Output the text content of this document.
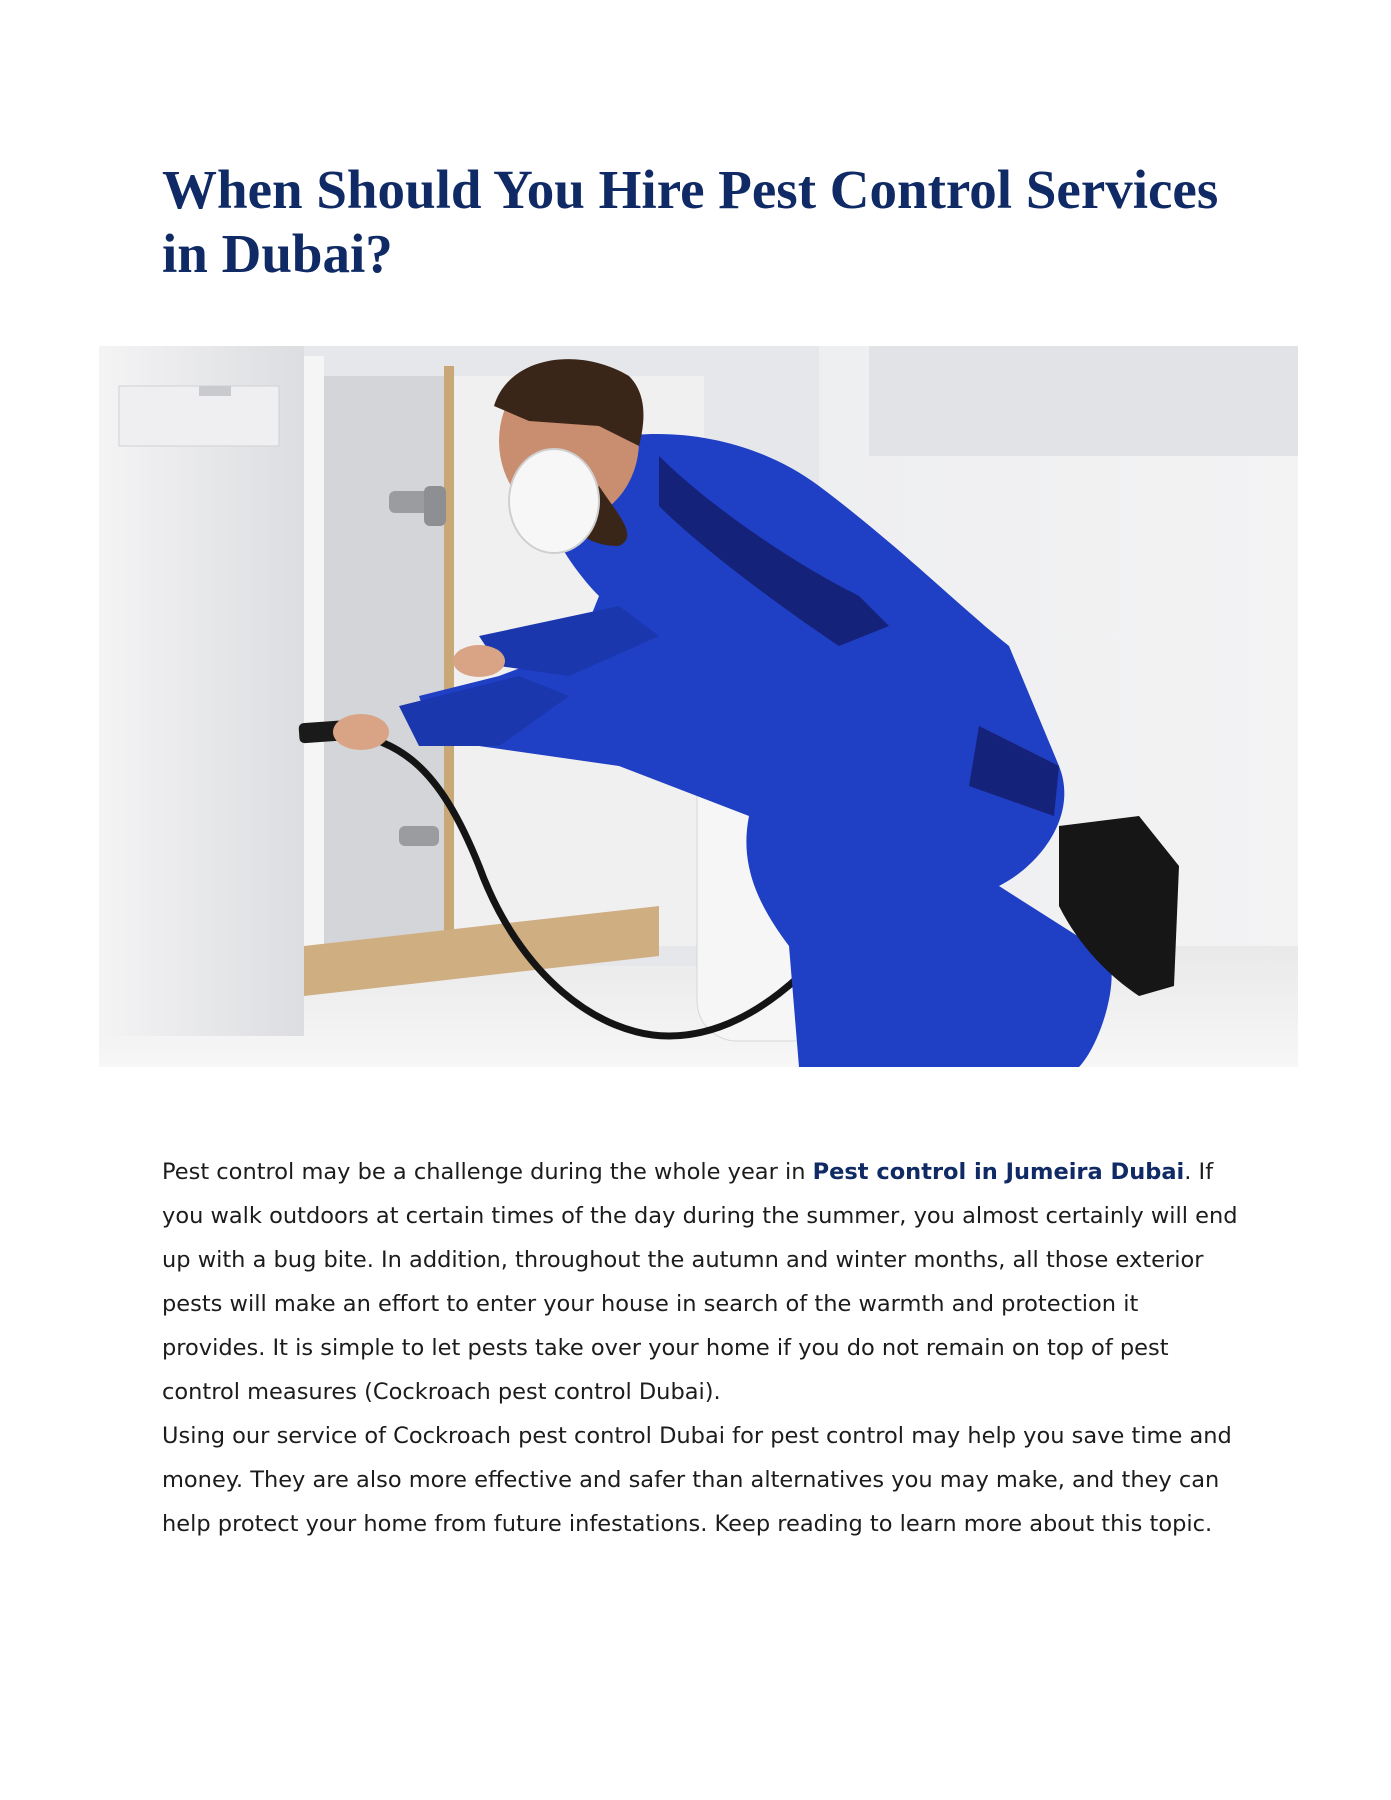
When Should You Hire Pest Control Services in Dubai?

Pest control may be a challenge during the whole year in Pest control in Jumeira Dubai. If you walk outdoors at certain times of the day during the summer, you almost certainly will end up with a bug bite. In addition, throughout the autumn and winter months, all those exterior pests will make an effort to enter your house in search of the warmth and protection it provides. It is simple to let pests take over your home if you do not remain on top of pest control measures (Cockroach pest control Dubai).

Using our service of Cockroach pest control Dubai for pest control may help you save time and money. They are also more effective and safer than alternatives you may make, and they can help protect your home from future infestations. Keep reading to learn more about this topic.
